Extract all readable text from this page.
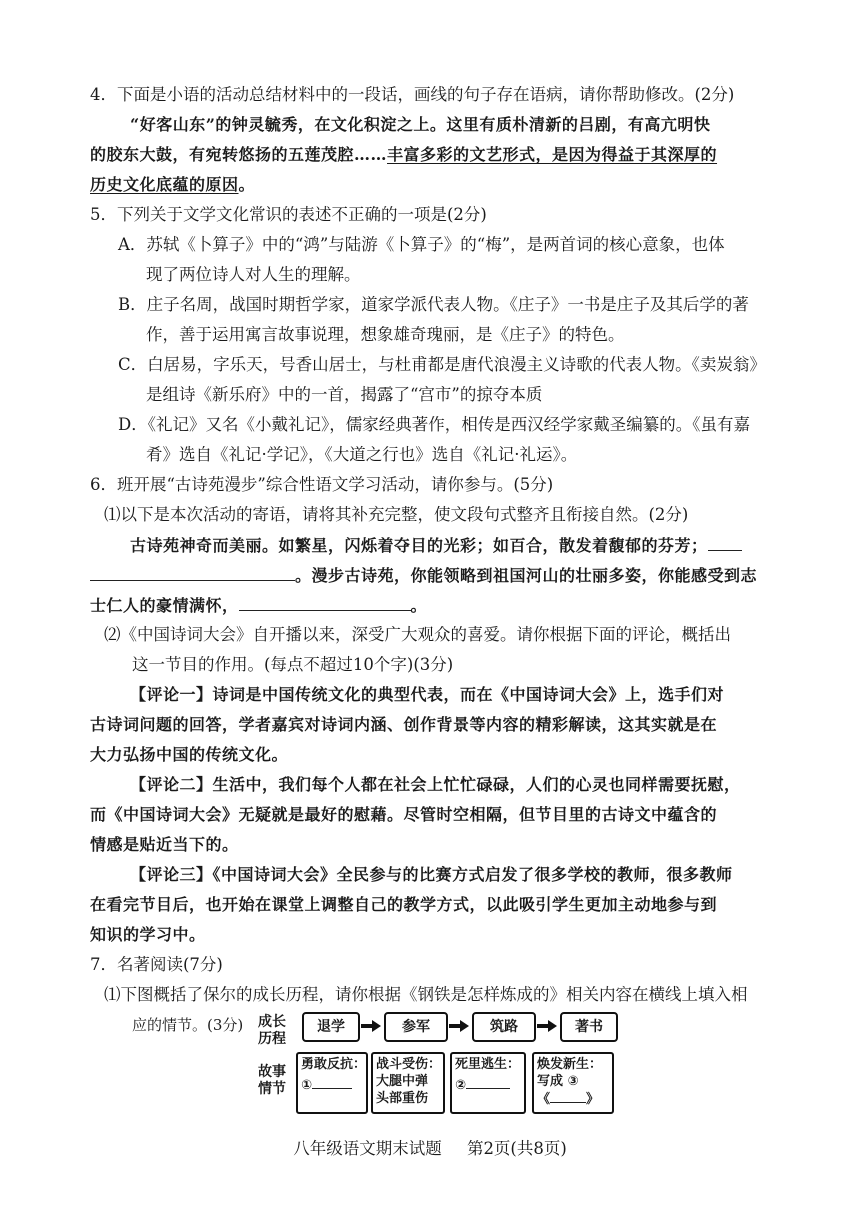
4．下面是小语的活动总结材料中的一段话，画线的句子存在语病，请你帮助修改。(2分)
“好客山东”的钟灵毓秀，在文化积淀之上。这里有质朴清新的吕剧，有高亢明快
的胶东大鼓，有宛转悠扬的五莲茂腔……丰富多彩的文艺形式，是因为得益于其深厚的
历史文化底蕴的原因。
5．下列关于文学文化常识的表述不正确的一项是(2分)
A．苏轼《卜算子》中的“鸿”与陆游《卜算子》的“梅”，是两首词的核心意象，也体
现了两位诗人对人生的理解。
B．庄子名周，战国时期哲学家，道家学派代表人物。《庄子》一书是庄子及其后学的著
作，善于运用寓言故事说理，想象雄奇瑰丽，是《庄子》的特色。
C．白居易，字乐天，号香山居士，与杜甫都是唐代浪漫主义诗歌的代表人物。《卖炭翁》
是组诗《新乐府》中的一首，揭露了“宫市”的掠夺本质
D．《礼记》又名《小戴礼记》，儒家经典著作，相传是西汉经学家戴圣编纂的。《虽有嘉
肴》选自《礼记·学记》，《大道之行也》选自《礼记·礼运》。
6．班开展“古诗苑漫步”综合性语文学习活动，请你参与。(5分)
⑴以下是本次活动的寄语，请将其补充完整，使文段句式整齐且衔接自然。(2分)
古诗苑神奇而美丽。如繁星，闪烁着夺目的光彩；如百合，散发着馥郁的芬芳；
。漫步古诗苑，你能领略到祖国河山的壮丽多姿，你能感受到志
士仁人的豪情满怀，	。
⑵《中国诗词大会》自开播以来，深受广大观众的喜爱。请你根据下面的评论，概括出
这一节目的作用。(每点不超过10个字)(3分)
【评论一】诗词是中国传统文化的典型代表，而在《中国诗词大会》上，选手们对
古诗词问题的回答，学者嘉宾对诗词内涵、创作背景等内容的精彩解读，这其实就是在
大力弘扬中国的传统文化。
【评论二】生活中，我们每个人都在社会上忙忙碌碌，人们的心灵也同样需要抚慰，
而《中国诗词大会》无疑就是最好的慰藉。尽管时空相隔，但节目里的古诗文中蕴含的
情感是贴近当下的。
【评论三】《中国诗词大会》全民参与的比赛方式启发了很多学校的教师，很多教师
在看完节目后，也开始在课堂上调整自己的教学方式，以此吸引学生更加主动地参与到
知识的学习中。
7．名著阅读(7分)
⑴下图概括了保尔的成长历程，请你根据《钢铁是怎样炼成的》相关内容在横线上填入相
应的情节。(3分) 成长
历程
故事
情节
退学	参军	筑路	著书
勇敢反抗：
①
战斗受伤：
大腿中弹
头部重伤
死里逃生：
②
焕发新生：
写成 ③
《	》
八年级语文期末试题 第2页(共8页)
